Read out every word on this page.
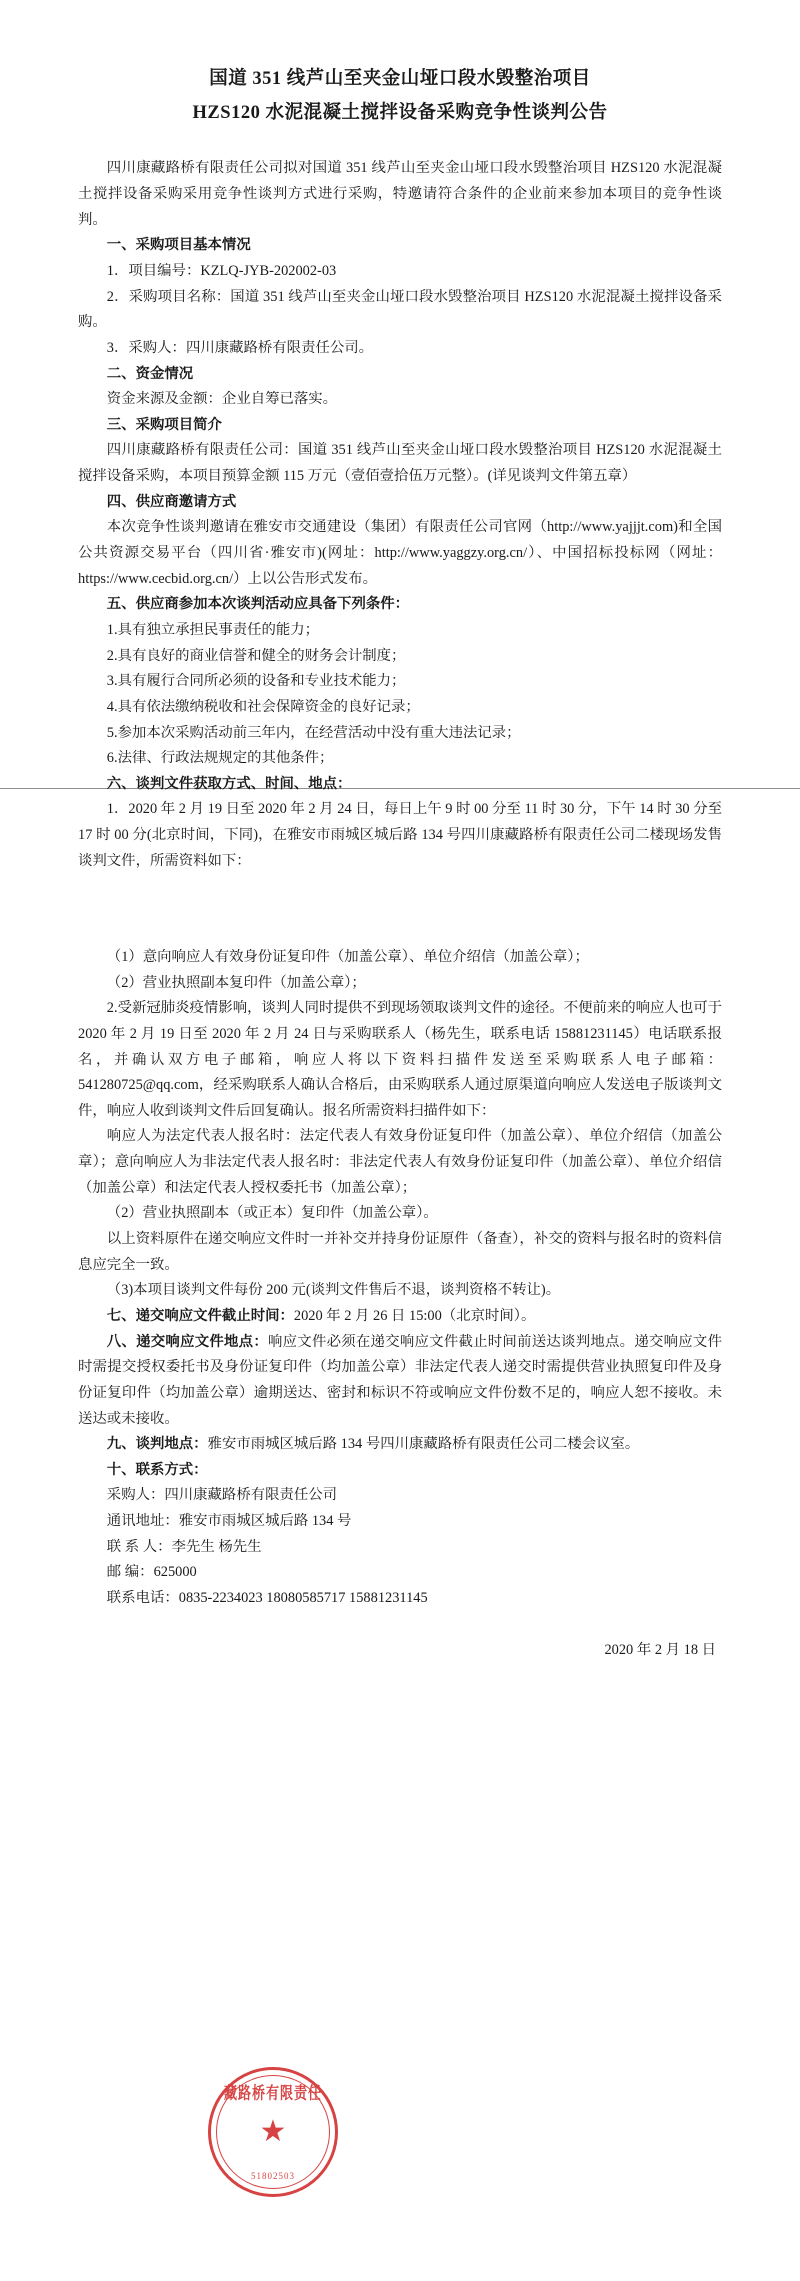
国道 351 线芦山至夹金山垭口段水毁整治项目
HZS120 水泥混凝土搅拌设备采购竞争性谈判公告

四川康藏路桥有限责任公司拟对国道 351 线芦山至夹金山垭口段水毁整治项目 HZS120 水泥混凝土搅拌设备采购采用竞争性谈判方式进行采购，特邀请符合条件的企业前来参加本项目的竞争性谈判。

一、采购项目基本情况

1．项目编号：KZLQ-JYB-202002-03

2．采购项目名称：国道 351 线芦山至夹金山垭口段水毁整治项目 HZS120 水泥混凝土搅拌设备采购。

3．采购人：四川康藏路桥有限责任公司。

二、资金情况

资金来源及金额：企业自筹已落实。

三、采购项目简介

四川康藏路桥有限责任公司：国道 351 线芦山至夹金山垭口段水毁整治项目 HZS120 水泥混凝土搅拌设备采购，本项目预算金额 115 万元（壹佰壹拾伍万元整）。(详见谈判文件第五章）

四、供应商邀请方式

本次竞争性谈判邀请在雅安市交通建设（集团）有限责任公司官网（http://www.yajjjt.com)和全国公共资源交易平台（四川省·雅安市)(网址：http://www.yaggzy.org.cn/）、中国招标投标网（网址：https://www.cecbid.org.cn/）上以公告形式发布。

五、供应商参加本次谈判活动应具备下列条件：

1.具有独立承担民事责任的能力；

2.具有良好的商业信誉和健全的财务会计制度；

3.具有履行合同所必须的设备和专业技术能力；

4.具有依法缴纳税收和社会保障资金的良好记录；

5.参加本次采购活动前三年内，在经营活动中没有重大违法记录；

6.法律、行政法规规定的其他条件；

六、谈判文件获取方式、时间、地点：

1．2020 年 2 月 19 日至 2020 年 2 月 24 日，每日上午 9 时 00 分至 11 时 30 分，下午 14 时 30 分至 17 时 00 分(北京时间，下同)，在雅安市雨城区城后路 134 号四川康藏路桥有限责任公司二楼现场发售谈判文件，所需资料如下：

（1）意向响应人有效身份证复印件（加盖公章）、单位介绍信（加盖公章）；

（2）营业执照副本复印件（加盖公章）；

2.受新冠肺炎疫情影响，谈判人同时提供不到现场领取谈判文件的途径。不便前来的响应人也可于 2020 年 2 月 19 日至 2020 年 2 月 24 日与采购联系人（杨先生，联系电话 15881231145）电话联系报名，并确认双方电子邮箱，响应人将以下资料扫描件发送至采购联系人电子邮箱：541280725@qq.com，经采购联系人确认合格后，由采购联系人通过原渠道向响应人发送电子版谈判文件，响应人收到谈判文件后回复确认。报名所需资料扫描件如下：

响应人为法定代表人报名时：法定代表人有效身份证复印件（加盖公章）、单位介绍信（加盖公章）；意向响应人为非法定代表人报名时：非法定代表人有效身份证复印件（加盖公章）、单位介绍信（加盖公章）和法定代表人授权委托书（加盖公章）；

（2）营业执照副本（或正本）复印件（加盖公章）。

以上资料原件在递交响应文件时一并补交并持身份证原件（备查），补交的资料与报名时的资料信息应完全一致。

（3)本项目谈判文件每份 200 元(谈判文件售后不退，谈判资格不转让)。

七、递交响应文件截止时间：2020 年 2 月 26 日 15:00（北京时间）。

八、递交响应文件地点：响应文件必须在递交响应文件截止时间前送达谈判地点。递交响应文件时需提交授权委托书及身份证复印件（均加盖公章）非法定代表人递交时需提供营业执照复印件及身份证复印件（均加盖公章）逾期送达、密封和标识不符或响应文件份数不足的，响应人恕不接收。未送达或未接收。

九、谈判地点：雅安市雨城区城后路 134 号四川康藏路桥有限责任公司二楼会议室。

十、联系方式：

采购人：四川康藏路桥有限责任公司

通讯地址：雅安市雨城区城后路 134 号

联 系 人：李先生 杨先生

邮 编：625000

联系电话：0835-2234023 18080585717 15881231145

2020 年 2 月 18 日

藏路桥有限责任
★
51802503
